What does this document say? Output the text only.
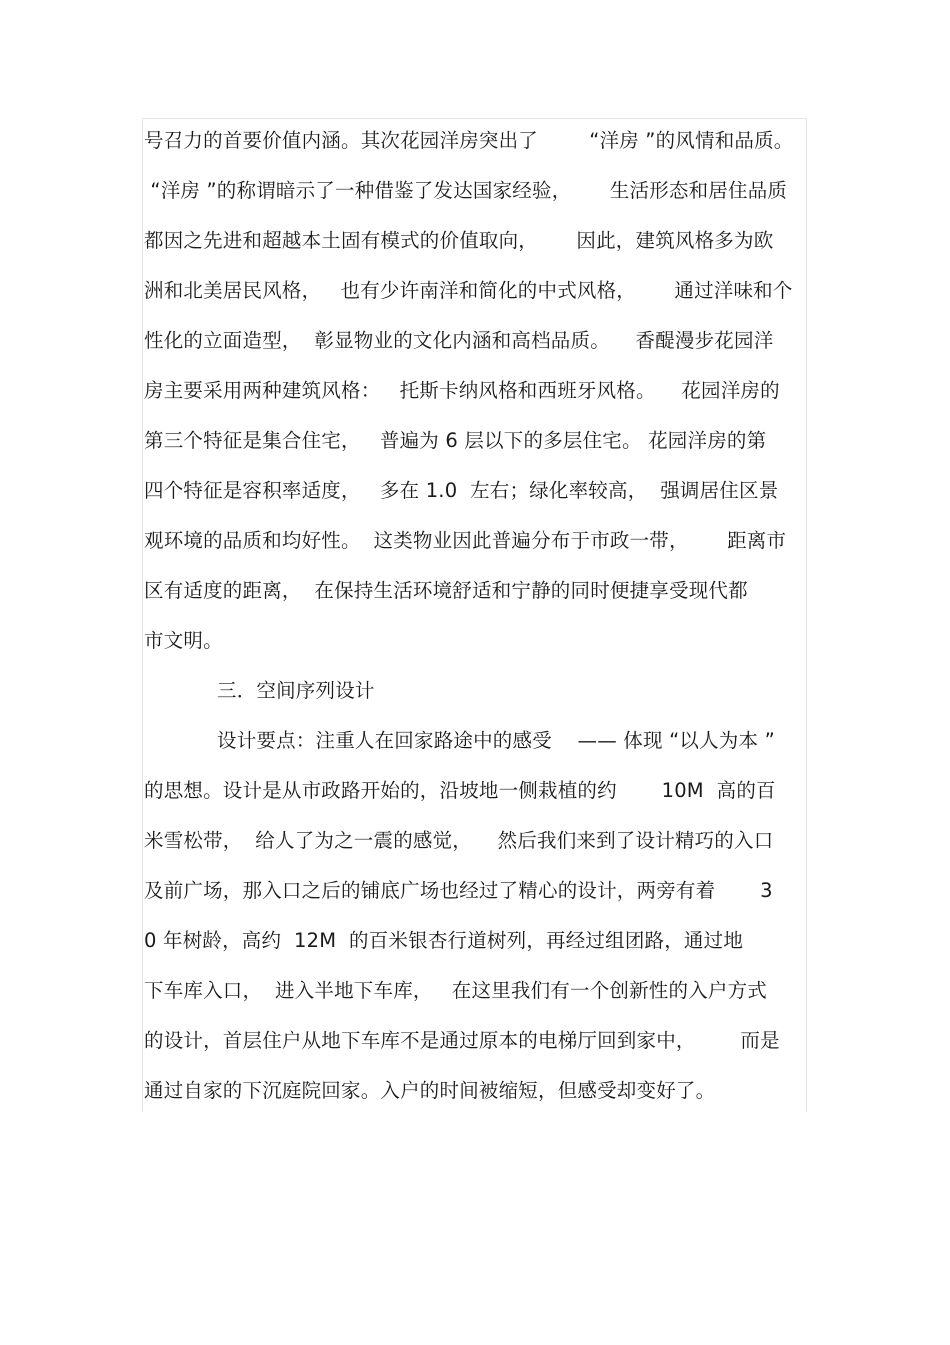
号召力的首要价值内涵。其次花园洋房突出了        “洋房 ”的风情和品质。
“洋房 ”的称谓暗示了一种借鉴了发达国家经验，      生活形态和居住品质
都因之先进和超越本土固有模式的价值取向，      因此，建筑风格多为欧
洲和北美居民风格，   也有少许南洋和简化的中式风格，      通过洋味和个
性化的立面造型，  彰显物业的文化内涵和高档品质。    香醍漫步花园洋
房主要采用两种建筑风格：   托斯卡纳风格和西班牙风格。    花园洋房的
第三个特征是集合住宅，   普遍为 6 层以下的多层住宅。 花园洋房的第
四个特征是容积率适度，   多在 1.0  左右；绿化率较高，  强调居住区景
观环境的品质和均好性。  这类物业因此普遍分布于市政一带，      距离市
区有适度的距离，  在保持生活环境舒适和宁静的同时便捷享受现代都
市文明。
三．空间序列设计
设计要点：注重人在回家路途中的感受    —— 体现 “以人为本 ”
的思想。设计是从市政路开始的，沿坡地一侧栽植的约       10M  高的百
米雪松带，  给人了为之一震的感觉，    然后我们来到了设计精巧的入口
及前广场，那入口之后的铺底广场也经过了精心的设计，两旁有着       3
0 年树龄，高约  12M  的百米银杏行道树列，再经过组团路，通过地
下车库入口，  进入半地下车库，   在这里我们有一个创新性的入户方式
的设计，首层住户从地下车库不是通过原本的电梯厅回到家中，       而是
通过自家的下沉庭院回家。入户的时间被缩短，但感受却变好了。
